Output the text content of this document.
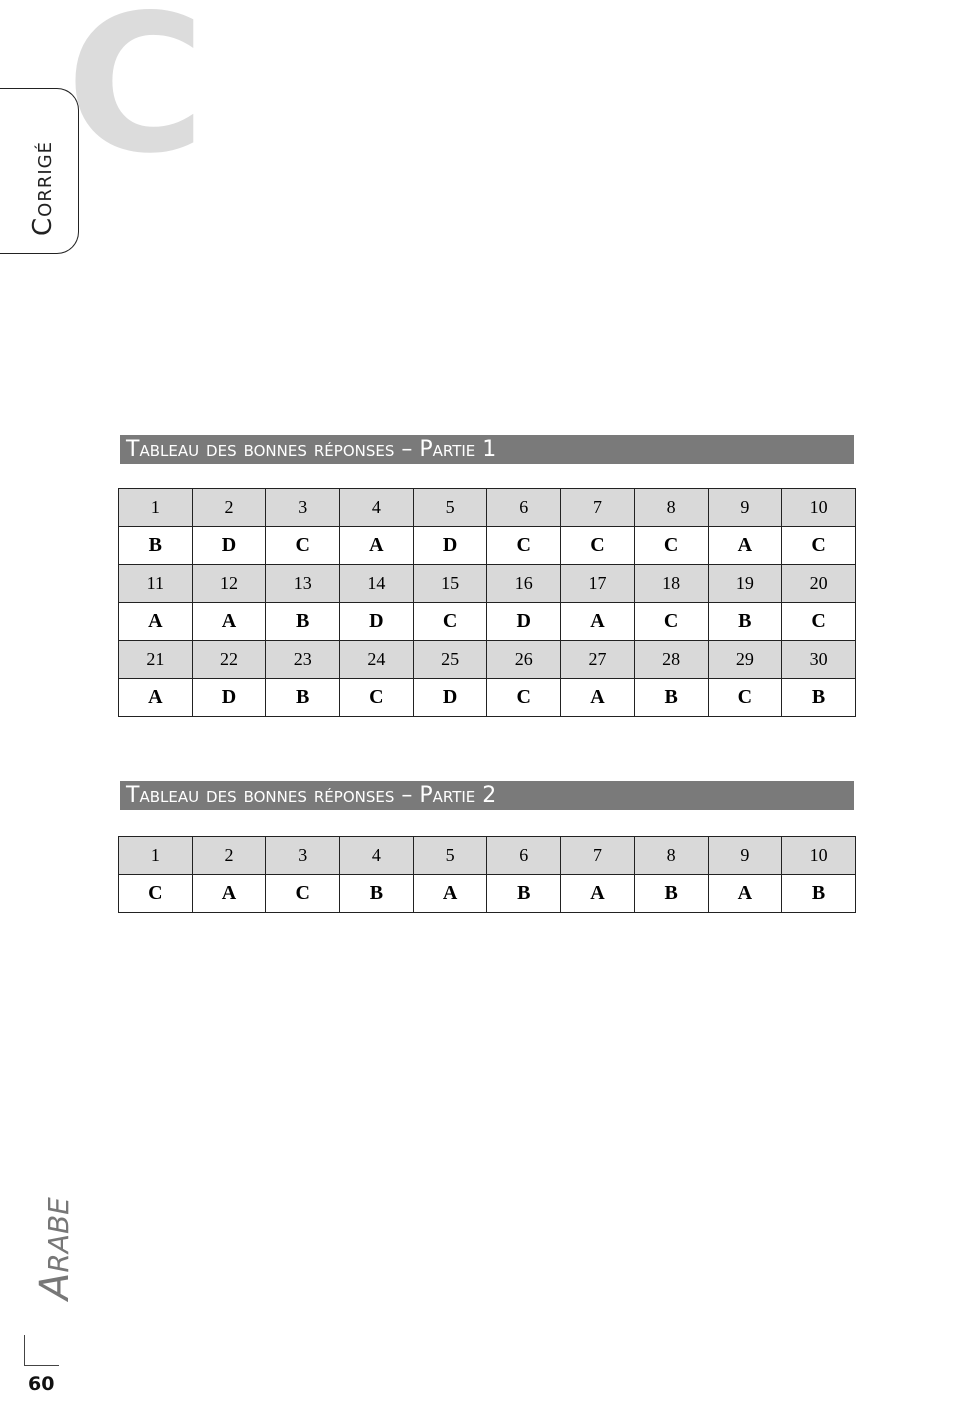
C
Corrigé
Tableau des bonnes réponses – Partie 1
1	2	3	4	5	6	7	8	9	10
B	D	C	A	D	C	C	C	A	C
11	12	13	14	15	16	17	18	19	20
A	A	B	D	C	D	A	C	B	C
21	22	23	24	25	26	27	28	29	30
A	D	B	C	D	C	A	B	C	B
Tableau des bonnes réponses – Partie 2
1	2	3	4	5	6	7	8	9	10
C	A	C	B	A	B	A	B	A	B
Arabe
60
